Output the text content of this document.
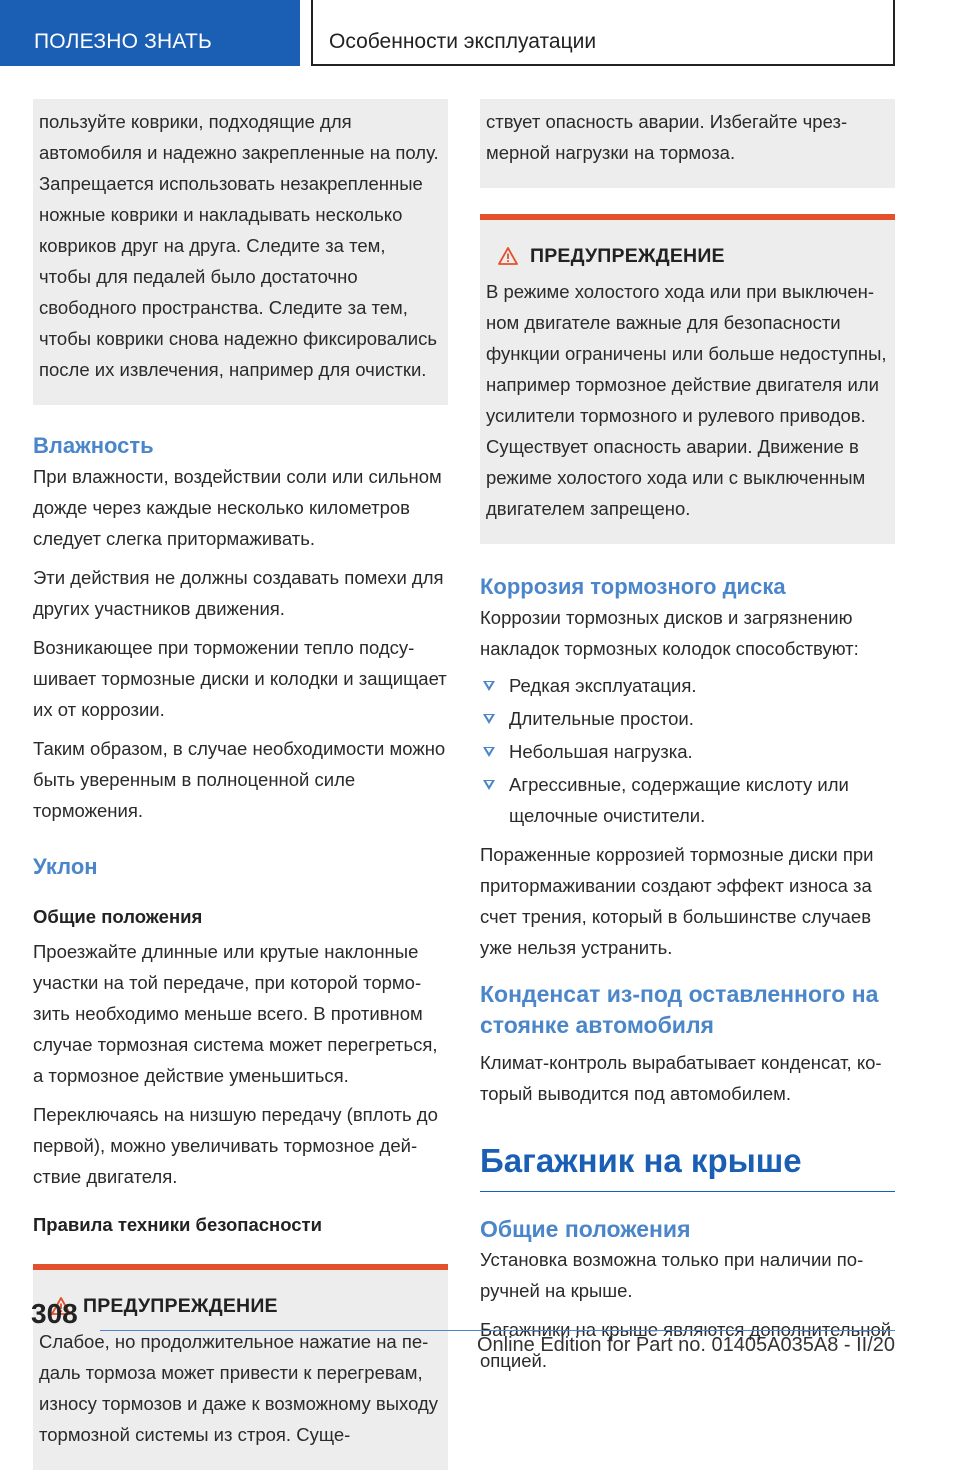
ПОЛЕЗНО ЗНАТЬ	Особенности эксплуатации

пользуйте коврики, подходящие для автомобиля и надежно закрепленные на полу. Запрещается использовать незакрепленные ножные коврики и накладывать несколько ковриков друг на друга. Следите за тем, чтобы для педалей было достаточно свободного пространства. Следите за тем, чтобы коврики снова надежно фиксировались после их извлечения, например для очистки.

Влажность

При влажности, воздействии соли или сильном дожде через каждые несколько километров следует слегка притормаживать.

Эти действия не должны создавать помехи для других участников движения.

Возникающее при торможении тепло подсушивает тормозные диски и колодки и защищает их от коррозии.

Таким образом, в случае необходимости можно быть уверенным в полноценной силе торможения.

Уклон
Общие положения

Проезжайте длинные или крутые наклонные участки на той передаче, при которой тормозить необходимо меньше всего. В противном случае тормозная система может перегреться, а тормозное действие уменьшиться.

Переключаясь на низшую передачу (вплоть до первой), можно увеличивать тормозное действие двигателя.

Правила техники безопасности
ПРЕДУПРЕЖДЕНИЕ

Слабое, но продолжительное нажатие на педаль тормоза может привести к перегревам, износу тормозов и даже к возможному выходу тормозной системы из строя. Суще-

ствует опасность аварии. Избегайте чрезмерной нагрузки на тормоза.

ПРЕДУПРЕЖДЕНИЕ

В режиме холостого хода или при выключенном двигателе важные для безопасности функции ограничены или больше недоступны, например тормозное действие двигателя или усилители тормозного и рулевого приводов. Существует опасность аварии. Движение в режиме холостого хода или с выключенным двигателем запрещено.

Коррозия тормозного диска

Коррозии тормозных дисков и загрязнению накладок тормозных колодок способствуют:

Редкая эксплуатация.
Длительные простои.
Небольшая нагрузка.
Агрессивные, содержащие кислоту или щелочные очистители.

Пораженные коррозией тормозные диски при притормаживании создают эффект износа за счет трения, который в большинстве случаев уже нельзя устранить.

Конденсат из-под оставленного на стоянке автомобиля

Климат-контроль вырабатывает конденсат, который выводится под автомобилем.

Багажник на крыше
Общие положения

Установка возможна только при наличии поручней на крыше.

Багажники на крыше являются дополнительной опцией.

308
Online Edition for Part no. 01405A035A8 - II/20
